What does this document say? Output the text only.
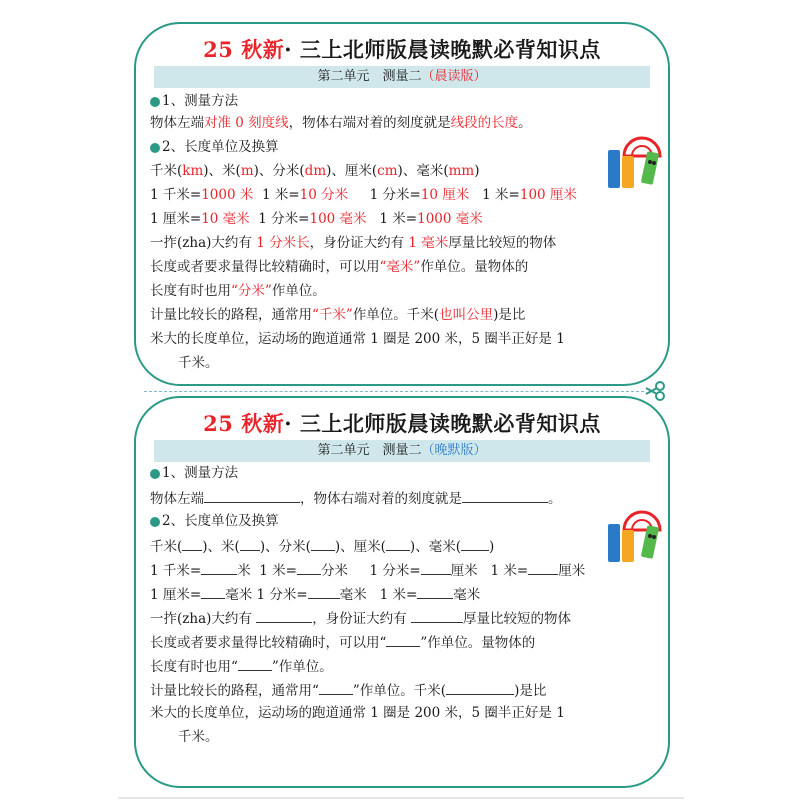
25 秋新· 三上北师版晨读晚默必背知识点
第二单元　测量二（晨读版）
1、测量方法
物体左端对准 0 刻度线，物体右端对着的刻度就是线段的长度。
2、长度单位及换算
千米(km)、米(m)、分米(dm)、厘米(cm)、毫米(mm)
1 千米=1000 米 1 米=10 分米 1 分米=10 厘米 1 米=100 厘米
1 厘米=10 毫米 1 分米=100 毫米 1 米=1000 毫米
一拃(zha)大约有 1 分米长，身份证大约有 1 毫米厚量比较短的物体
长度或者要求量得比较精确时，可以用“毫米”作单位。量物体的
长度有时也用“分米”作单位。
计量比较长的路程，通常用“千米”作单位。千米(也叫公里)是比
米大的长度单位，运动场的跑道通常 1 圈是 200 米，5 圈半正好是 1
千米。
25 秋新· 三上北师版晨读晚默必背知识点
第二单元　测量二（晚默版）
1、测量方法
物体左端	，物体右端对着的刻度就是	。
2、长度单位及换算
千米( )、米( )、分米( )、厘米( )、毫米( )
1 千米=	米 1 米= 分米 1 分米= 厘米 1 米= 厘米
1 厘米= 毫米 1 分米= 毫米 1 米=	毫米
一拃(zha)大约有	，身份证大约有	厚量比较短的物体
长度或者要求量得比较精确时，可以用“	”作单位。量物体的
长度有时也用“	”作单位。
计量比较长的路程，通常用“	”作单位。千米(	)是比
米大的长度单位，运动场的跑道通常 1 圈是 200 米，5 圈半正好是 1
千米。
